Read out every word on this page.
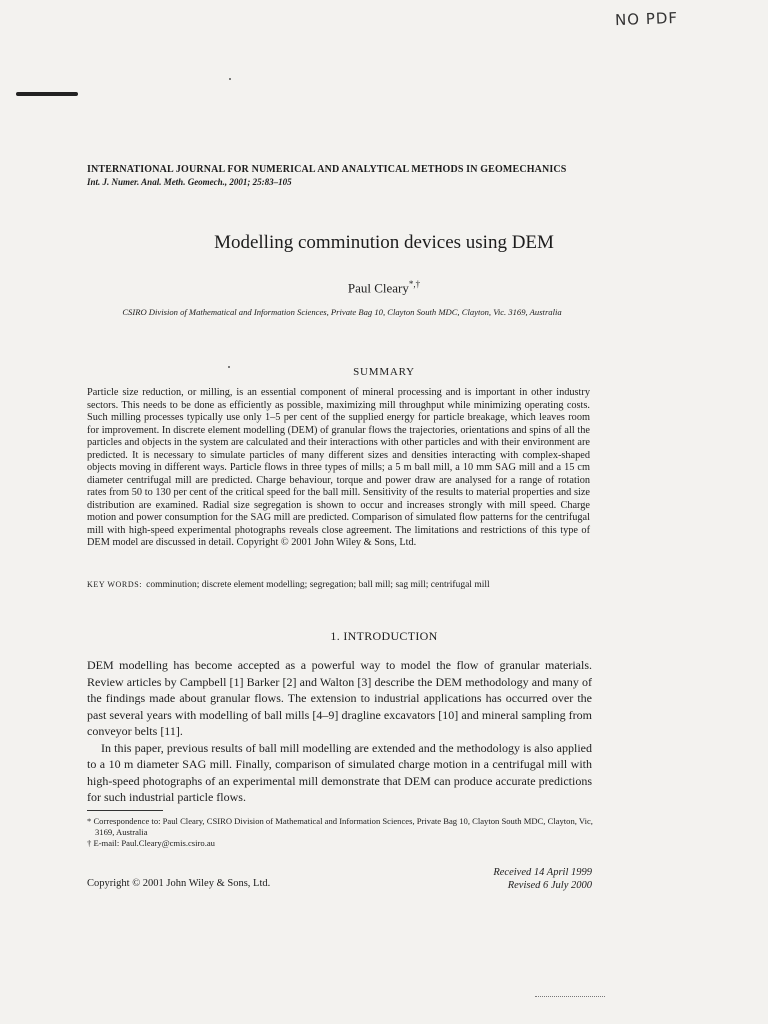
NO PDF
INTERNATIONAL JOURNAL FOR NUMERICAL AND ANALYTICAL METHODS IN GEOMECHANICS
Int. J. Numer. Anal. Meth. Geomech., 2001; 25:83–105
Modelling comminution devices using DEM
Paul Cleary*,†
CSIRO Division of Mathematical and Information Sciences, Private Bag 10, Clayton South MDC, Clayton, Vic. 3169, Australia
SUMMARY
Particle size reduction, or milling, is an essential component of mineral processing and is important in other industry sectors. This needs to be done as efficiently as possible, maximizing mill throughput while minimizing operating costs. Such milling processes typically use only 1–5 per cent of the supplied energy for particle breakage, which leaves room for improvement. In discrete element modelling (DEM) of granular flows the trajectories, orientations and spins of all the particles and objects in the system are calculated and their interactions with other particles and with their environment are predicted. It is necessary to simulate particles of many different sizes and densities interacting with complex-shaped objects moving in different ways. Particle flows in three types of mills; a 5 m ball mill, a 10 mm SAG mill and a 15 cm diameter centrifugal mill are predicted. Charge behaviour, torque and power draw are analysed for a range of rotation rates from 50 to 130 per cent of the critical speed for the ball mill. Sensitivity of the results to material properties and size distribution are examined. Radial size segregation is shown to occur and increases strongly with mill speed. Charge motion and power consumption for the SAG mill are predicted. Comparison of simulated flow patterns for the centrifugal mill with high-speed experimental photographs reveals close agreement. The limitations and restrictions of this type of DEM model are discussed in detail. Copyright © 2001 John Wiley & Sons, Ltd.
KEY WORDS: comminution; discrete element modelling; segregation; ball mill; sag mill; centrifugal mill
1. INTRODUCTION

DEM modelling has become accepted as a powerful way to model the flow of granular materials. Review articles by Campbell [1] Barker [2] and Walton [3] describe the DEM methodology and many of the findings made about granular flows. The extension to industrial applications has occurred over the past several years with modelling of ball mills [4–9] dragline excavators [10] and mineral sampling from conveyor belts [11].

In this paper, previous results of ball mill modelling are extended and the methodology is also applied to a 10 m diameter SAG mill. Finally, comparison of simulated charge motion in a centrifugal mill with high-speed photographs of an experimental mill demonstrate that DEM can produce accurate predictions for such industrial particle flows.

* Correspondence to: Paul Cleary, CSIRO Division of Mathematical and Information Sciences, Private Bag 10, Clayton South MDC, Clayton, Vic, 3169, Australia
† E-mail: Paul.Cleary@cmis.csiro.au
Copyright © 2001 John Wiley & Sons, Ltd.
Received 14 April 1999
Revised 6 July 2000
